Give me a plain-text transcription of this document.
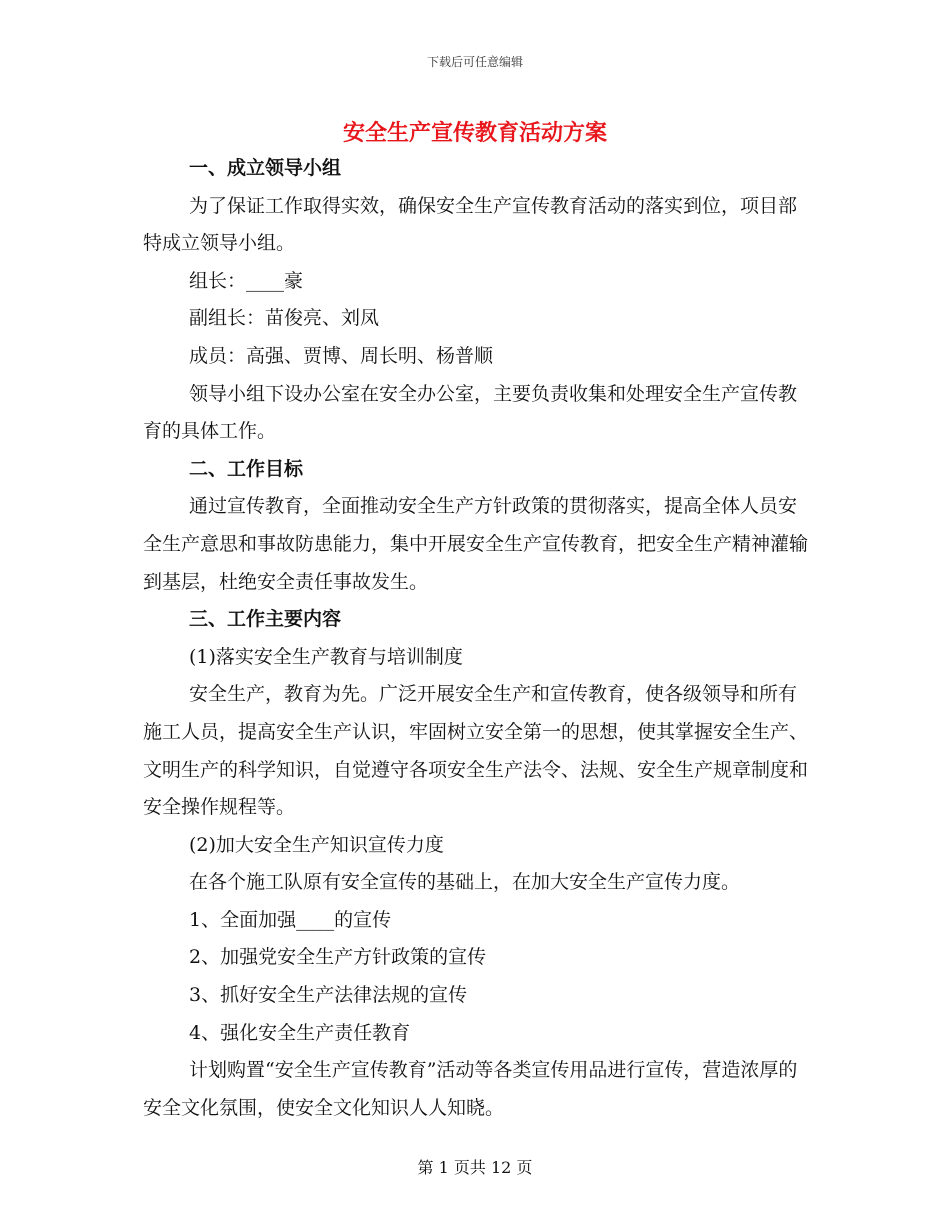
下载后可任意编辑
安全生产宣传教育活动方案

一、成立领导小组

为了保证工作取得实效，确保安全生产宣传教育活动的落实到位，项目部特成立领导小组。

组长：____豪

副组长：苗俊亮、刘凤

成员：高强、贾博、周长明、杨普顺

领导小组下设办公室在安全办公室，主要负责收集和处理安全生产宣传教育的具体工作。

二、工作目标

通过宣传教育，全面推动安全生产方针政策的贯彻落实，提高全体人员安全生产意思和事故防患能力，集中开展安全生产宣传教育，把安全生产精神灌输到基层，杜绝安全责任事故发生。

三、工作主要内容

(1)落实安全生产教育与培训制度

安全生产，教育为先。广泛开展安全生产和宣传教育，使各级领导和所有施工人员，提高安全生产认识，牢固树立安全第一的思想，使其掌握安全生产、文明生产的科学知识，自觉遵守各项安全生产法令、法规、安全生产规章制度和安全操作规程等。

(2)加大安全生产知识宣传力度

在各个施工队原有安全宣传的基础上，在加大安全生产宣传力度。

1、全面加强____的宣传

2、加强党安全生产方针政策的宣传

3、抓好安全生产法律法规的宣传

4、强化安全生产责任教育

计划购置“安全生产宣传教育”活动等各类宣传用品进行宣传，营造浓厚的安全文化氛围，使安全文化知识人人知晓。

第 1 页共 12 页
